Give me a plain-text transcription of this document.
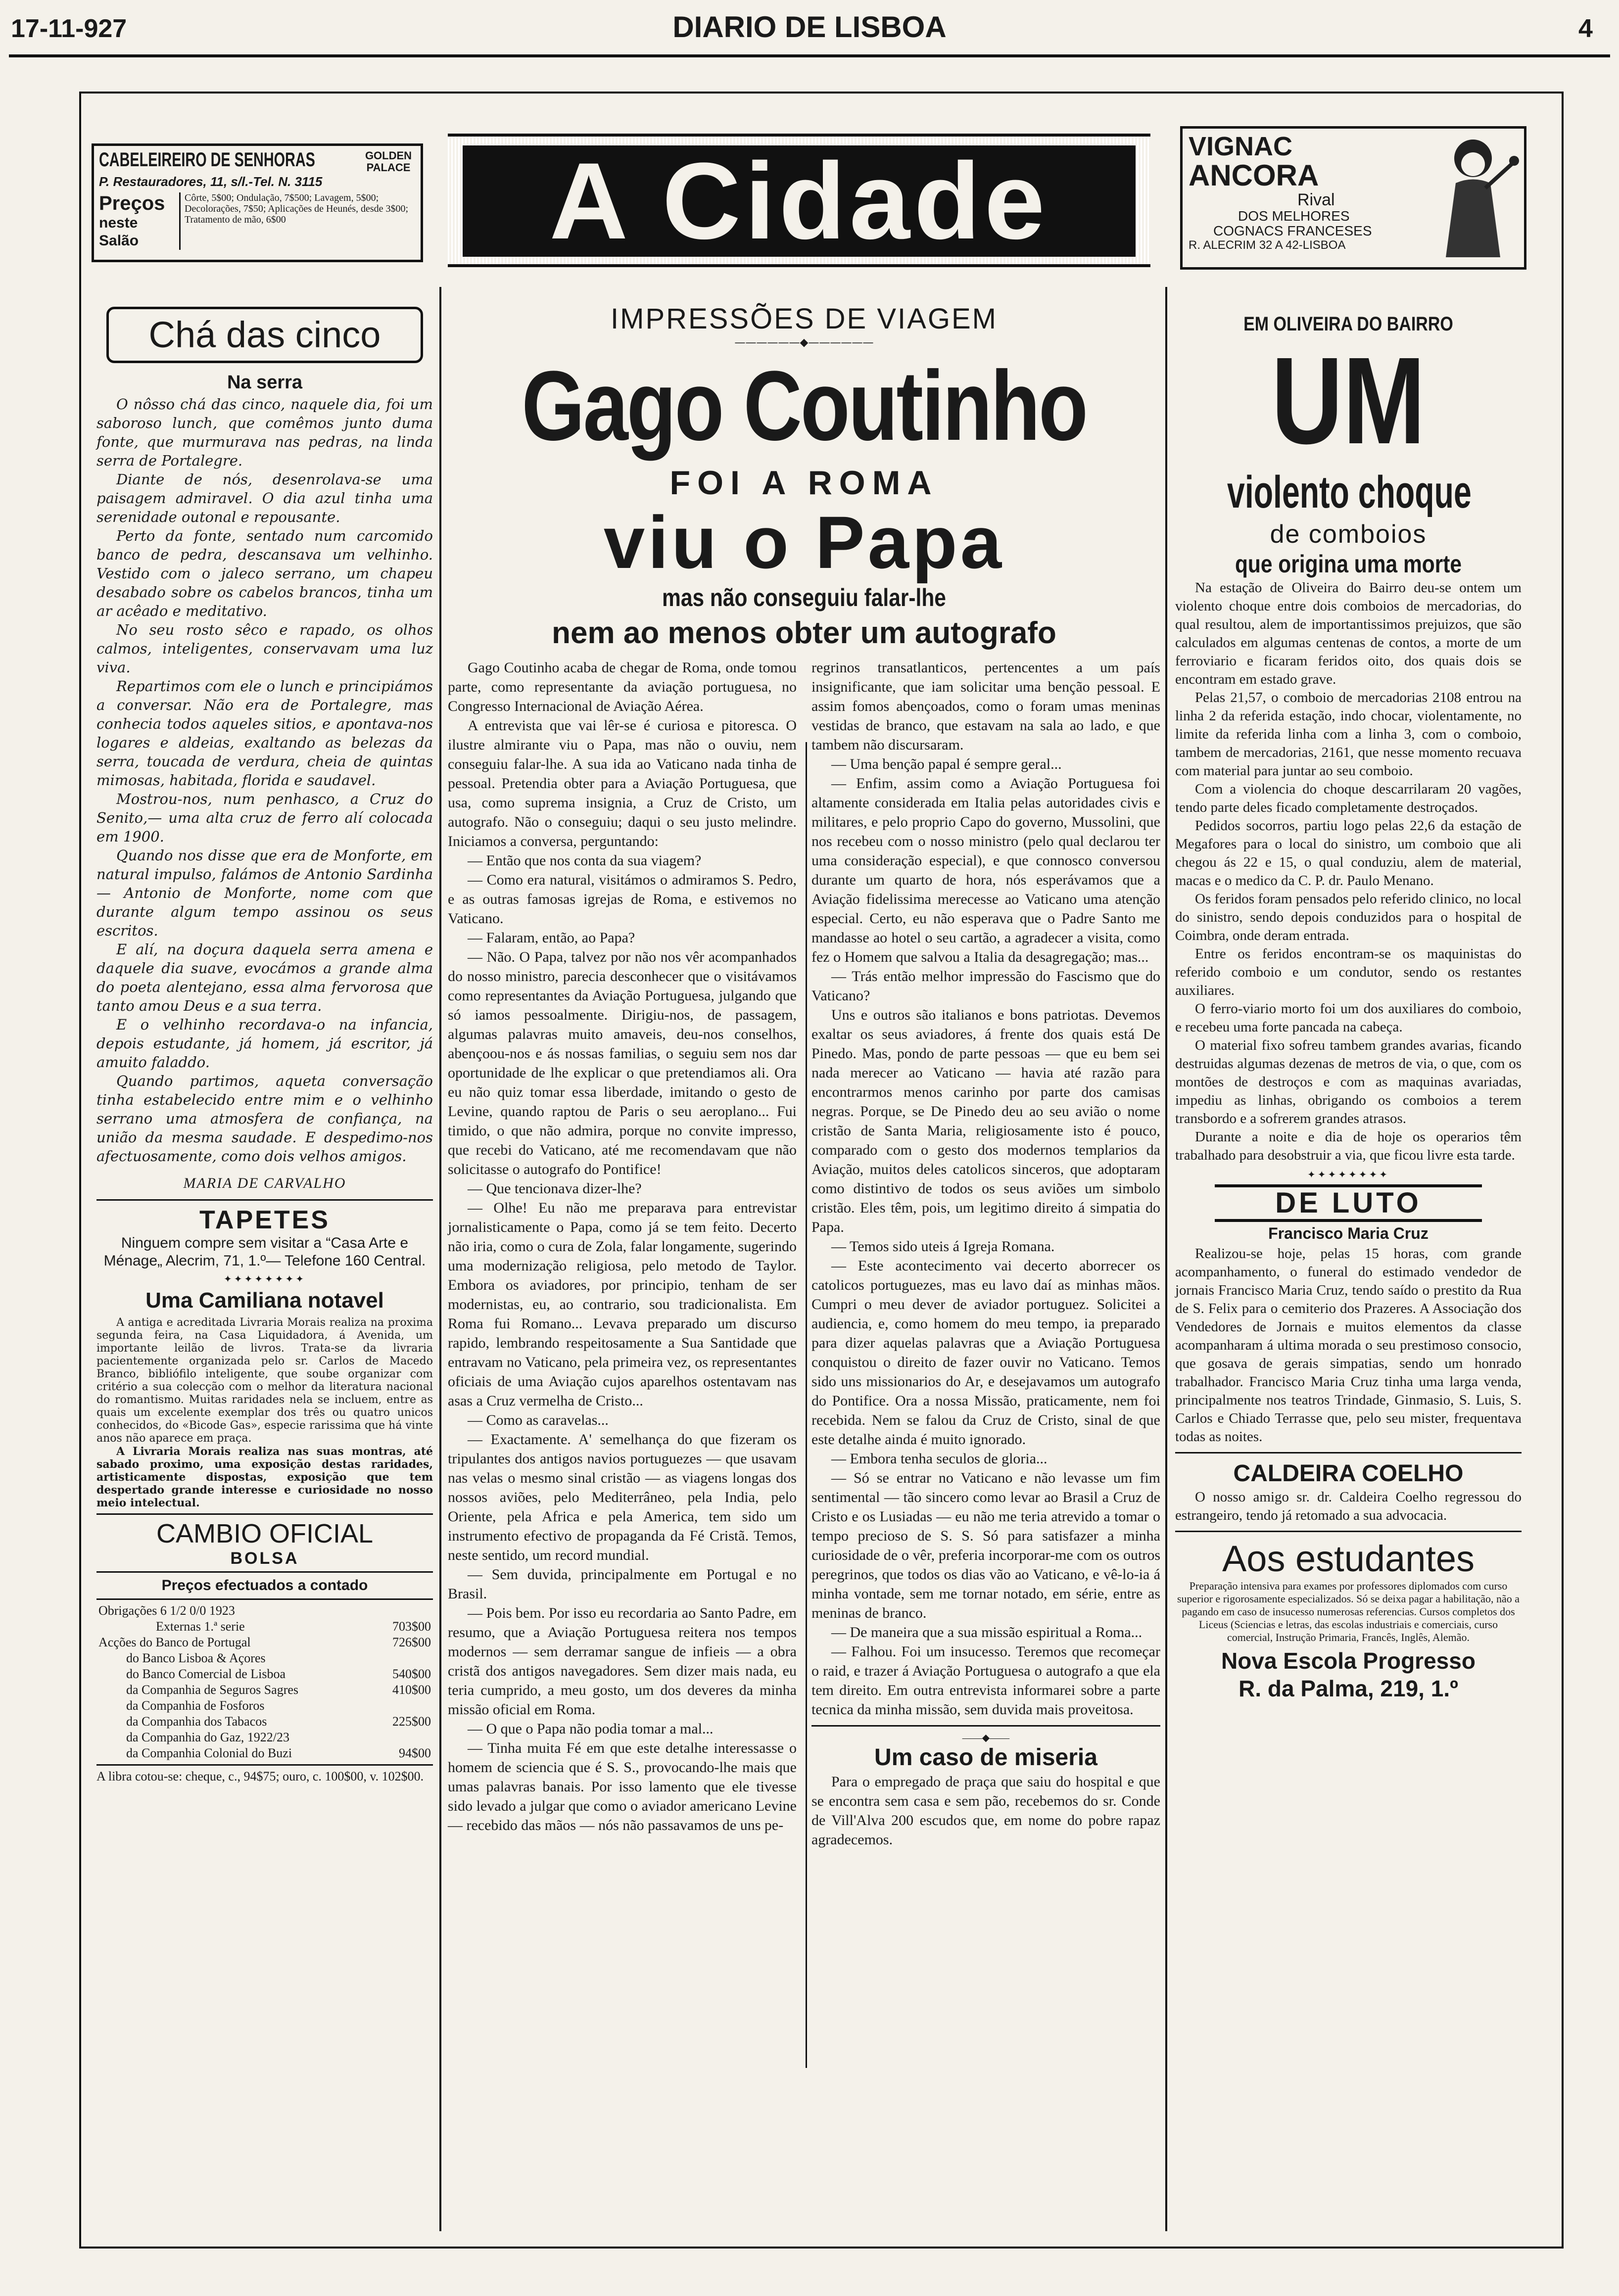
17-11-927	DIARIO DE LISBOA	4
CABELEIREIRO DE SENHORAS	GOLDEN PALACE
P. Restauradores, 11, s/l.-Tel. N. 3115
Preços
neste Salão
Côrte, 5$00; Ondulação, 7$500; Lavagem, 5$00; Decolorações, 7$50; Aplicações de Heunés, desde 3$00; Tratamento de mão, 6$00	A Cidade	VIGNAC
ANCORA
Rival
DOS MELHORES
COGNACS FRANCESES
R. ALECRIM 32 A 42-LISBOA
Chá das cinco
Na serra

O nôsso chá das cinco, naquele dia, foi um saboroso lunch, que comêmos junto duma fonte, que murmurava nas pedras, na linda serra de Portalegre.

Diante de nós, desenrolava-se uma paisagem admiravel. O dia azul tinha uma serenidade outonal e repousante.

Perto da fonte, sentado num carcomido banco de pedra, descansava um velhinho. Vestido com o jaleco serrano, um chapeu desabado sobre os cabelos brancos, tinha um ar acêado e meditativo.

No seu rosto sêco e rapado, os olhos calmos, inteligentes, conservavam uma luz viva.

Repartimos com ele o lunch e principiámos a conversar. Não era de Portalegre, mas conhecia todos aqueles sitios, e apontava-nos logares e aldeias, exaltando as belezas da serra, toucada de verdura, cheia de quintas mimosas, habitada, florida e saudavel.

Mostrou-nos, num penhasco, a Cruz do Senito,— uma alta cruz de ferro alí colocada em 1900.

Quando nos disse que era de Monforte, em natural impulso, falámos de Antonio Sardinha — Antonio de Monforte, nome com que durante algum tempo assinou os seus escritos.

E alí, na doçura daquela serra amena e daquele dia suave, evocámos a grande alma do poeta alentejano, essa alma fervorosa que tanto amou Deus e a sua terra.

E o velhinho recordava-o na infancia, depois estudante, já homem, já escritor, já amuito faladdo.

Quando partimos, aqueta conversação tinha estabelecido entre mim e o velhinho serrano uma atmosfera de confiança, na união da mesma saudade. E despedimo-nos afectuosamente, como dois velhos amigos.

MARIA DE CARVALHO
TAPETES
Ninguem compre sem visitar a “Casa Arte e Ménage„ Alecrim, 71, 1.º— Telefone 160 Central.
✦✦✦✦✦✦✦✦
Uma Camiliana notavel

A antiga e acreditada Livraria Morais realiza na proxima segunda feira, na Casa Liquidadora, á Avenida, um importante leilão de livros. Trata-se da livraria pacientemente organizada pelo sr. Carlos de Macedo Branco, bibliófilo inteligente, que soube organizar com critério a sua colecção com o melhor da literatura nacional do romantismo. Muitas raridades nela se incluem, entre as quais um excelente exemplar dos três ou quatro unicos conhecidos, do «Bicode Gas», especie rarissima que há vinte anos não aparece em praça.

A Livraria Morais realiza nas suas montras, até sabado proximo, uma exposição destas raridades, artisticamente dispostas, exposição que tem despertado grande interesse e curiosidade no nosso meio intelectual.

CAMBIO OFICIAL
BOLSA
Preços efectuados a contado
Obrigações 6 1/2 0/0 1923	
Externas 1.ª serie	703$00
Acções do Banco de Portugal	726$00
do Banco Lisboa & Açores	
do Banco Comercial de Lisboa	540$00
da Companhia de Seguros Sagres	410$00
da Companhia de Fosforos	
da Companhia dos Tabacos	225$00
da Companhia do Gaz, 1922/23	
da Companhia Colonial do Buzi	94$00
A libra cotou-se: cheque, c., 94$75; ouro, c. 100$00, v. 102$00.
IMPRESSÕES DE VIAGEM
——————◆——————
Gago Coutinho
FOI A ROMA
viu o Papa
mas não conseguiu falar-lhe
nem ao menos obter um autografo

Gago Coutinho acaba de chegar de Roma, onde tomou parte, como representante da aviação portuguesa, no Congresso Internacional de Aviação Aérea.

A entrevista que vai lêr-se é curiosa e pitoresca. O ilustre almirante viu o Papa, mas não o ouviu, nem conseguiu falar-lhe. A sua ida ao Vaticano nada tinha de pessoal. Pretendia obter para a Aviação Portuguesa, que usa, como suprema insignia, a Cruz de Cristo, um autografo. Não o conseguiu; daqui o seu justo melindre. Iniciamos a conversa, perguntando:

— Então que nos conta da sua viagem?

— Como era natural, visitámos o admiramos S. Pedro, e as outras famosas igrejas de Roma, e estivemos no Vaticano.

— Falaram, então, ao Papa?

— Não. O Papa, talvez por não nos vêr acompanhados do nosso ministro, parecia desconhecer que o visitávamos como representantes da Aviação Portuguesa, julgando que só iamos pessoalmente. Dirigiu-nos, de passagem, algumas palavras muito amaveis, deu-nos conselhos, abençoou-nos e ás nossas familias, o seguiu sem nos dar oportunidade de lhe explicar o que pretendiamos ali. Ora eu não quiz tomar essa liberdade, imitando o gesto de Levine, quando raptou de Paris o seu aeroplano... Fui timido, o que não admira, porque no convite impresso, que recebi do Vaticano, até me recomendavam que não solicitasse o autografo do Pontifice!

— Que tencionava dizer-lhe?

— Olhe! Eu não me preparava para entrevistar jornalisticamente o Papa, como já se tem feito. Decerto não iria, como o cura de Zola, falar longamente, sugerindo uma modernização religiosa, pelo metodo de Taylor. Embora os aviadores, por principio, tenham de ser modernistas, eu, ao contrario, sou tradicionalista. Em Roma fui Romano... Levava preparado um discurso rapido, lembrando respeitosamente a Sua Santidade que entravam no Vaticano, pela primeira vez, os representantes oficiais de uma Aviação cujos aparelhos ostentavam nas asas a Cruz vermelha de Cristo...

— Como as caravelas...

— Exactamente. A' semelhança do que fizeram os tripulantes dos antigos navios portuguezes — que usavam nas velas o mesmo sinal cristão — as viagens longas dos nossos aviões, pelo Mediterrâneo, pela India, pelo Oriente, pela Africa e pela America, tem sido um instrumento efectivo de propaganda da Fé Cristã. Temos, neste sentido, um record mundial.

— Sem duvida, principalmente em Portugal e no Brasil.

— Pois bem. Por isso eu recordaria ao Santo Padre, em resumo, que a Aviação Portuguesa reitera nos tempos modernos — sem derramar sangue de infieis — a obra cristã dos antigos navegadores. Sem dizer mais nada, eu teria cumprido, a meu gosto, um dos deveres da minha missão oficial em Roma.

— O que o Papa não podia tomar a mal...

— Tinha muita Fé em que este detalhe interessasse o homem de sciencia que é S. S., provocando-lhe mais que umas palavras banais. Por isso lamento que ele tivesse sido levado a julgar que como o aviador americano Levine — recebido das mãos — nós não passavamos de uns pe-

regrinos transatlanticos, pertencentes a um país insignificante, que iam solicitar uma benção pessoal. E assim fomos abençoados, como o foram umas meninas vestidas de branco, que estavam na sala ao lado, e que tambem não discursaram.

— Uma benção papal é sempre geral...

— Enfim, assim como a Aviação Portuguesa foi altamente considerada em Italia pelas autoridades civis e militares, e pelo proprio Capo do governo, Mussolini, que nos recebeu com o nosso ministro (pelo qual declarou ter uma consideração especial), e que connosco conversou durante um quarto de hora, nós esperávamos que a Aviação fidelissima merecesse ao Vaticano uma atenção especial. Certo, eu não esperava que o Padre Santo me mandasse ao hotel o seu cartão, a agradecer a visita, como fez o Homem que salvou a Italia da desagregação; mas...

— Trás então melhor impressão do Fascismo que do Vaticano?

Uns e outros são italianos e bons patriotas. Devemos exaltar os seus aviadores, á frente dos quais está De Pinedo. Mas, pondo de parte pessoas — que eu bem sei nada merecer ao Vaticano — havia até razão para encontrarmos menos carinho por parte dos camisas negras. Porque, se De Pinedo deu ao seu avião o nome cristão de Santa Maria, religiosamente isto é pouco, comparado com o gesto dos modernos templarios da Aviação, muitos deles catolicos sinceros, que adoptaram como distintivo de todos os seus aviões um simbolo cristão. Eles têm, pois, um legitimo direito á simpatia do Papa.

— Temos sido uteis á Igreja Romana.

— Este acontecimento vai decerto aborrecer os catolicos portuguezes, mas eu lavo daí as minhas mãos. Cumpri o meu dever de aviador portuguez. Solicitei a audiencia, e, como homem do meu tempo, ia preparado para dizer aquelas palavras que a Aviação Portuguesa conquistou o direito de fazer ouvir no Vaticano. Temos sido uns missionarios do Ar, e desejavamos um autografo do Pontifice. Ora a nossa Missão, praticamente, nem foi recebida. Nem se falou da Cruz de Cristo, sinal de que este detalhe ainda é muito ignorado.

— Embora tenha seculos de gloria...

— Só se entrar no Vaticano e não levasse um fim sentimental — tão sincero como levar ao Brasil a Cruz de Cristo e os Lusiadas — eu não me teria atrevido a tomar o tempo precioso de S. S. Só para satisfazer a minha curiosidade de o vêr, preferia incorporar-me com os outros peregrinos, que todos os dias vão ao Vaticano, e vê-lo-ia á minha vontade, sem me tornar notado, em série, entre as meninas de branco.

— De maneira que a sua missão espiritual a Roma...

— Falhou. Foi um insucesso. Teremos que recomeçar o raid, e trazer á Aviação Portuguesa o autografo a que ela tem direito. Em outra entrevista informarei sobre a parte tecnica da minha missão, sem duvida mais proveitosa.

——◆——
Um caso de miseria

Para o empregado de praça que saiu do hospital e que se encontra sem casa e sem pão, recebemos do sr. Conde de Vill'Alva 200 escudos que, em nome do pobre rapaz agradecemos.

EM OLIVEIRA DO BAIRRO
UM
violento choque
de comboios
que origina uma morte

Na estação de Oliveira do Bairro deu-se ontem um violento choque entre dois comboios de mercadorias, do qual resultou, alem de importantissimos prejuizos, que são calculados em algumas centenas de contos, a morte de um ferroviario e ficaram feridos oito, dos quais dois se encontram em estado grave.

Pelas 21,57, o comboio de mercadorias 2108 entrou na linha 2 da referida estação, indo chocar, violentamente, no limite da referida linha com a linha 3, com o comboio, tambem de mercadorias, 2161, que nesse momento recuava com material para juntar ao seu comboio.

Com a violencia do choque descarrilaram 20 vagões, tendo parte deles ficado completamente destroçados.

Pedidos socorros, partiu logo pelas 22,6 da estação de Megafores para o local do sinistro, um comboio que ali chegou ás 22 e 15, o qual conduziu, alem de material, macas e o medico da C. P. dr. Paulo Menano.

Os feridos foram pensados pelo referido clinico, no local do sinistro, sendo depois conduzidos para o hospital de Coimbra, onde deram entrada.

Entre os feridos encontram-se os maquinistas do referido comboio e um condutor, sendo os restantes auxiliares.

O ferro-viario morto foi um dos auxiliares do comboio, e recebeu uma forte pancada na cabeça.

O material fixo sofreu tambem grandes avarias, ficando destruidas algumas dezenas de metros de via, o que, com os montões de destroços e com as maquinas avariadas, impediu as linhas, obrigando os comboios a terem transbordo e a sofrerem grandes atrasos.

Durante a noite e dia de hoje os operarios têm trabalhado para desobstruir a via, que ficou livre esta tarde.

✦✦✦✦✦✦✦✦
DE LUTO
Francisco Maria Cruz
Realizou-se hoje, pelas 15 horas, com grande acompanhamento, o funeral do estimado vendedor de jornais Francisco Maria Cruz, tendo saído o prestito da Rua de S. Felix para o cemiterio dos Prazeres. A Associação dos Vendedores de Jornais e muitos elementos da classe acompanharam á ultima morada o seu prestimoso consocio, que gosava de gerais simpatias, sendo um honrado trabalhador. Francisco Maria Cruz tinha uma larga venda, principalmente nos teatros Trindade, Ginmasio, S. Luis, S. Carlos e Chiado Terrasse que, pelo seu mister, frequentava todas as noites.
CALDEIRA COELHO
O nosso amigo sr. dr. Caldeira Coelho regressou do estrangeiro, tendo já retomado a sua advocacia.
Aos estudantes
Preparação intensiva para exames por professores diplomados com curso superior e rigorosamente especializados. Só se deixa pagar a habilitação, não a pagando em caso de insucesso numerosas referencias. Cursos completos dos Liceus (Sciencias e letras, das escolas industriais e comerciais, curso comercial, Instrução Primaria, Francês, Inglês, Alemão.
Nova Escola Progresso
R. da Palma, 219, 1.º
